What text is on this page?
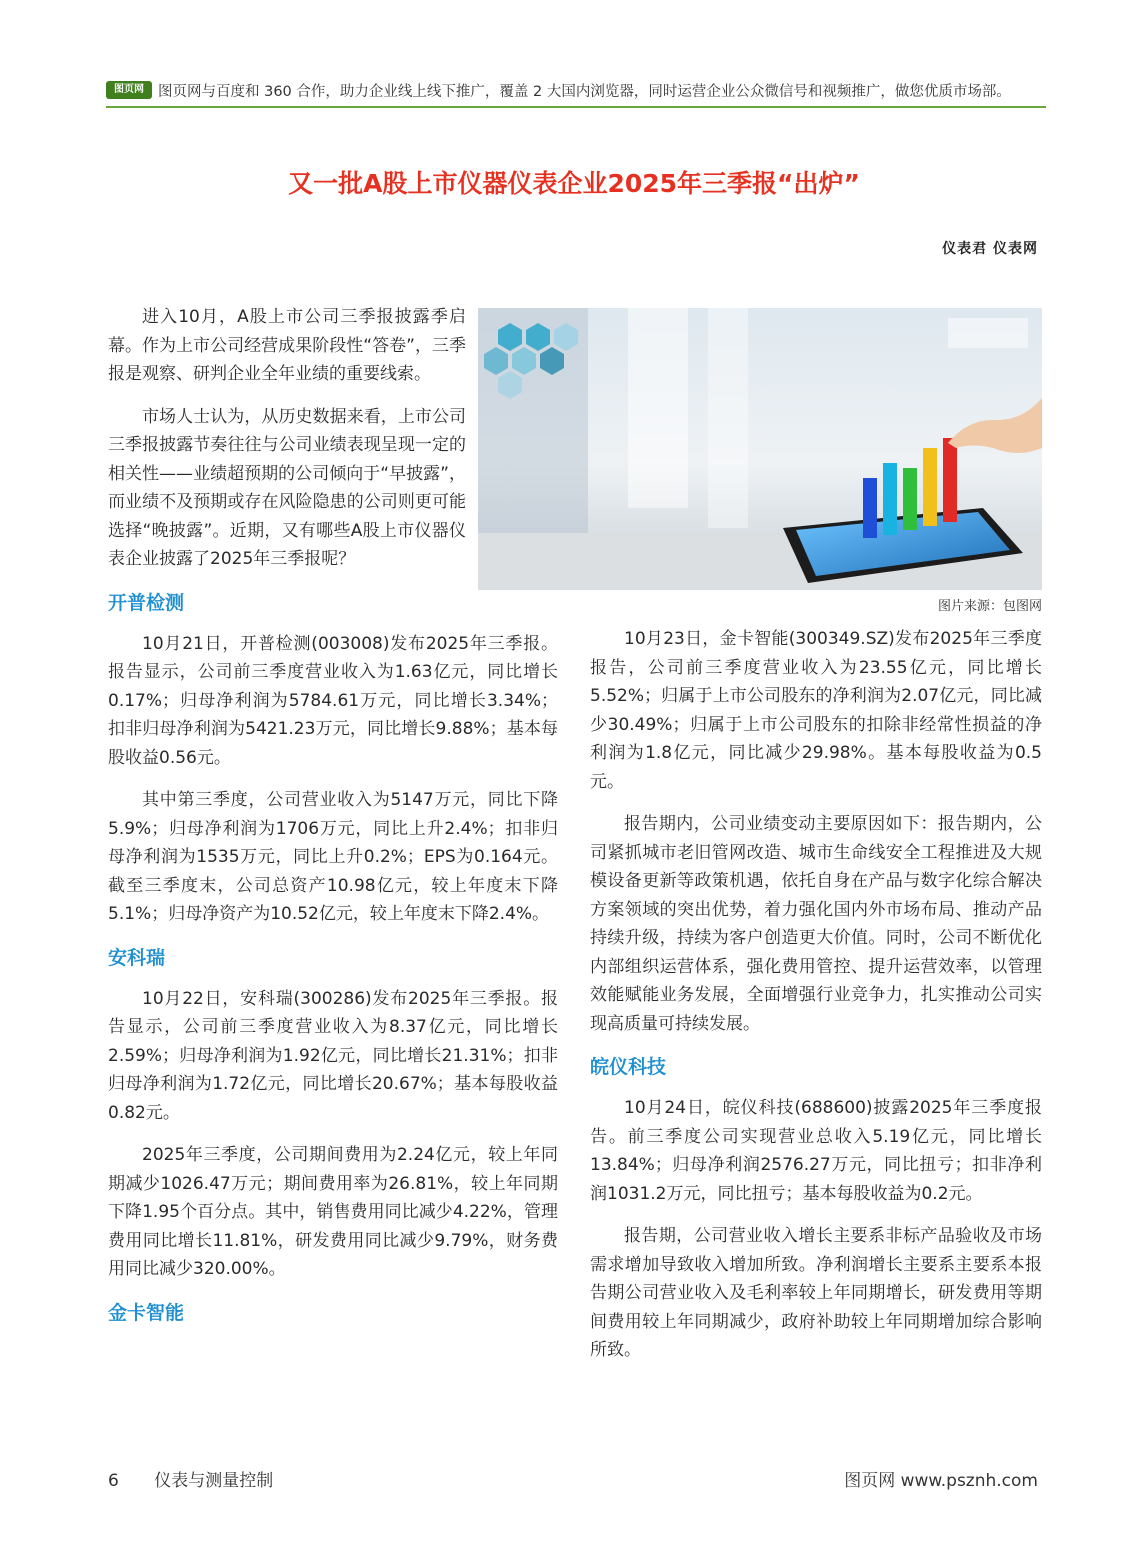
图页网 图页网与百度和 360 合作，助力企业线上线下推广，覆盖 2 大国内浏览器，同时运营企业公众微信号和视频推广，做您优质市场部。
又一批A股上市仪器仪表企业2025年三季报“出炉”
仪表君 仪表网
图片来源：包图网

进入10月，A股上市公司三季报披露季启幕。作为上市公司经营成果阶段性“答卷”，三季报是观察、研判企业全年业绩的重要线索。

市场人士认为，从历史数据来看，上市公司三季报披露节奏往往与公司业绩表现呈现一定的相关性——业绩超预期的公司倾向于“早披露”，而业绩不及预期或存在风险隐患的公司则更可能选择“晚披露”。近期，又有哪些A股上市仪器仪表企业披露了2025年三季报呢？

开普检测

10月21日，开普检测(003008)发布2025年三季报。报告显示，公司前三季度营业收入为1.63亿元，同比增长0.17%；归母净利润为5784.61万元，同比增长3.34%；扣非归母净利润为5421.23万元，同比增长9.88%；基本每股收益0.56元。

其中第三季度，公司营业收入为5147万元，同比下降5.9%；归母净利润为1706万元，同比上升2.4%；扣非归母净利润为1535万元，同比上升0.2%；EPS为0.164元。截至三季度末，公司总资产10.98亿元，较上年度末下降5.1%；归母净资产为10.52亿元，较上年度末下降2.4%。

安科瑞

10月22日，安科瑞(300286)发布2025年三季报。报告显示，公司前三季度营业收入为8.37亿元，同比增长2.59%；归母净利润为1.92亿元，同比增长21.31%；扣非归母净利润为1.72亿元，同比增长20.67%；基本每股收益0.82元。

2025年三季度，公司期间费用为2.24亿元，较上年同期减少1026.47万元；期间费用率为26.81%，较上年同期下降1.95个百分点。其中，销售费用同比减少4.22%，管理费用同比增长11.81%，研发费用同比减少9.79%，财务费用同比减少320.00%。

金卡智能

10月23日，金卡智能(300349.SZ)发布2025年三季度报告，公司前三季度营业收入为23.55亿元，同比增长5.52%；归属于上市公司股东的净利润为2.07亿元，同比减少30.49%；归属于上市公司股东的扣除非经常性损益的净利润为1.8亿元，同比减少29.98%。基本每股收益为0.5元。

报告期内，公司业绩变动主要原因如下：报告期内，公司紧抓城市老旧管网改造、城市生命线安全工程推进及大规模设备更新等政策机遇，依托自身在产品与数字化综合解决方案领域的突出优势，着力强化国内外市场布局、推动产品持续升级，持续为客户创造更大价值。同时，公司不断优化内部组织运营体系，强化费用管控、提升运营效率，以管理效能赋能业务发展，全面增强行业竞争力，扎实推动公司实现高质量可持续发展。

皖仪科技

10月24日，皖仪科技(688600)披露2025年三季度报告。前三季度公司实现营业总收入5.19亿元，同比增长13.84%；归母净利润2576.27万元，同比扭亏；扣非净利润1031.2万元，同比扭亏；基本每股收益为0.2元。

报告期，公司营业收入增长主要系非标产品验收及市场需求增加导致收入增加所致。净利润增长主要系主要系本报告期公司营业收入及毛利率较上年同期增长，研发费用等期间费用较上年同期减少，政府补助较上年同期增加综合影响所致。

6 仪表与测量控制	图页网 www.psznh.com
